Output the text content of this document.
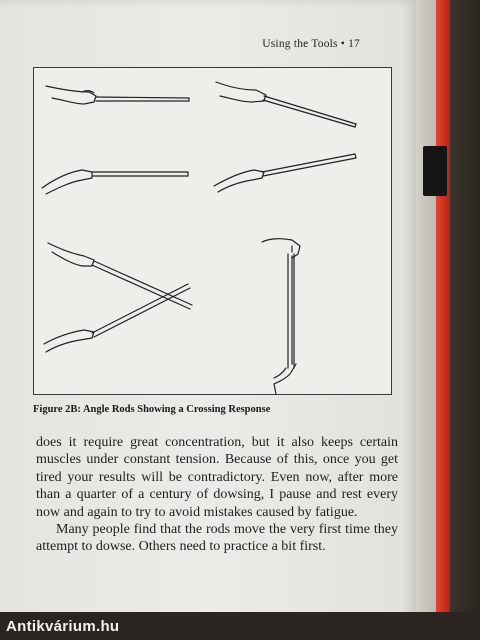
Using the Tools • 17
Figure 2B: Angle Rods Showing a Crossing Response

does it require great concentration, but it also keeps certain muscles under constant tension. Because of this, once you get tired your results will be contradictory. Even now, after more than a quarter of a century of dowsing, I pause and rest every now and again to try to avoid mistakes caused by fatigue.

Many people find that the rods move the very first time they attempt to dowse. Others need to practice a bit first.

Antikvárium.hu
